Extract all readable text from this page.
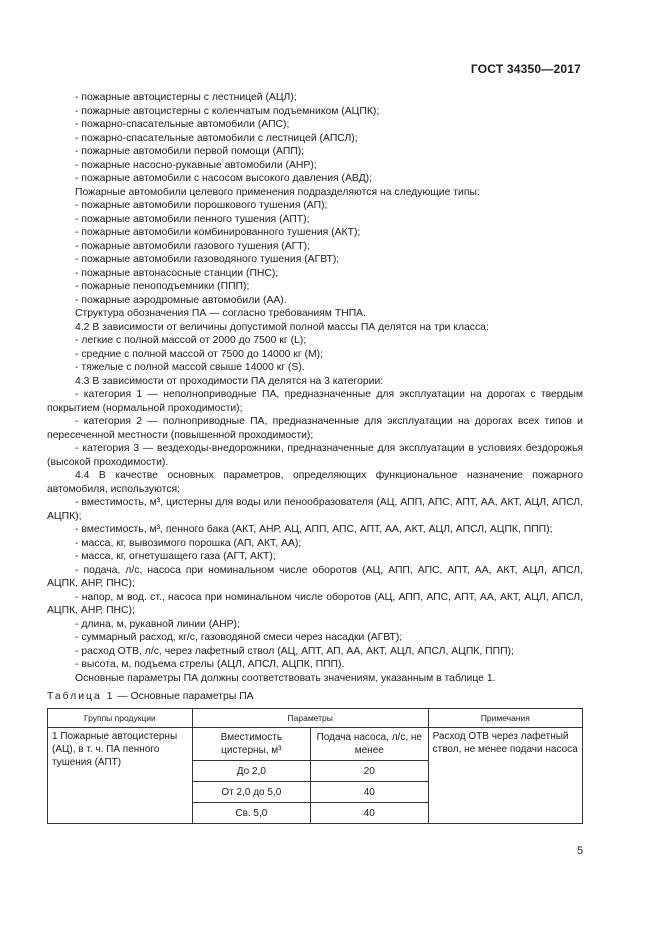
ГОСТ 34350—2017
- пожарные автоцистерны с лестницей (АЦЛ);
- пожарные автоцистерны с коленчатым подъемником (АЦПК);
- пожарно-спасательные автомобили (АПС);
- пожарно-спасательные автомобили с лестницей (АПСЛ);
- пожарные автомобили первой помощи (АПП);
- пожарные насосно-рукавные автомобили (АНР);
- пожарные автомобили с насосом высокого давления (АВД);
Пожарные автомобили целевого применения подразделяются на следующие типы:
- пожарные автомобили порошкового тушения (АП);
- пожарные автомобили пенного тушения (АПТ);
- пожарные автомобили комбинированного тушения (АКТ);
- пожарные автомобили газового тушения (АГТ);
- пожарные автомобили газоводяного тушения (АГВТ);
- пожарные автонасосные станции (ПНС);
- пожарные пеноподъемники (ППП);
- пожарные аэродромные автомобили (АА).
Структура обозначения ПА — согласно требованиям ТНПА.
4.2 В зависимости от величины допустимой полной массы ПА делятся на три класса:
- легкие с полной массой от 2000 до 7500 кг (L);
- средние с полной массой от 7500 до 14000 кг (М);
- тяжелые с полной массой свыше 14000 кг (S).
4.3 В зависимости от проходимости ПА делятся на 3 категории:
- категория 1 — неполноприводные ПА, предназначенные для эксплуатации на дорогах с твердым покрытием (нормальной проходимости);
- категория 2 — полноприводные ПА, предназначенные для эксплуатации на дорогах всех типов и пересеченной местности (повышенной проходимости);
- категория 3 — вездеходы-внедорожники, предназначенные для эксплуатации в условиях бездорожья (высокой проходимости).
4.4 В качестве основных параметров, определяющих функциональное назначение пожарного автомобиля, используются:
- вместимость, м³, цистерны для воды или пенообразователя (АЦ, АПП, АПС, АПТ, АА, АКТ, АЦЛ, АПСЛ, АЦПК);
- вместимость, м³, пенного бака (АКТ, АНР, АЦ, АПП, АПС, АПТ, АА, АКТ, АЦЛ, АПСЛ, АЦПК, ППП);
- масса, кг, вывозимого порошка (АП, АКТ, АА);
- масса, кг, огнетушащего газа (АГТ, АКТ);
- подача, л/с, насоса при номинальном числе оборотов (АЦ, АПП, АПС, АПТ, АА, АКТ, АЦЛ, АПСЛ, АЦПК, АНР, ПНС);
- напор, м вод. ст., насоса при номинальном числе оборотов (АЦ, АПП, АПС, АПТ, АА, АКТ, АЦЛ, АПСЛ, АЦПК, АНР, ПНС);
- длина, м, рукавной линии (АНР);
- суммарный расход, кг/с, газоводяной смеси через насадки (АГВТ);
- расход ОТВ, л/с, через лафетный ствол (АЦ, АПТ, АП, АА, АКТ, АЦЛ, АПСЛ, АЦПК, ППП);
- высота, м, подъема стрелы (АЦЛ, АПСЛ, АЦПК, ППП).
Основные параметры ПА должны соответствовать значениям, указанным в таблице 1.
Таблица 1 — Основные параметры ПА
Группы продукции	Параметры		Примечания
1 Пожарные автоцистерны (АЦ), в т. ч. ПА пенного тушения (АПТ)	Вместимость цистерны, м³	Подача насоса, л/с, не менее	Расход ОТВ через лафетный ствол, не менее подачи насоса
	До 2,0	20	
	От 2,0 до 5,0	40	
	Св. 5,0	40	
5
